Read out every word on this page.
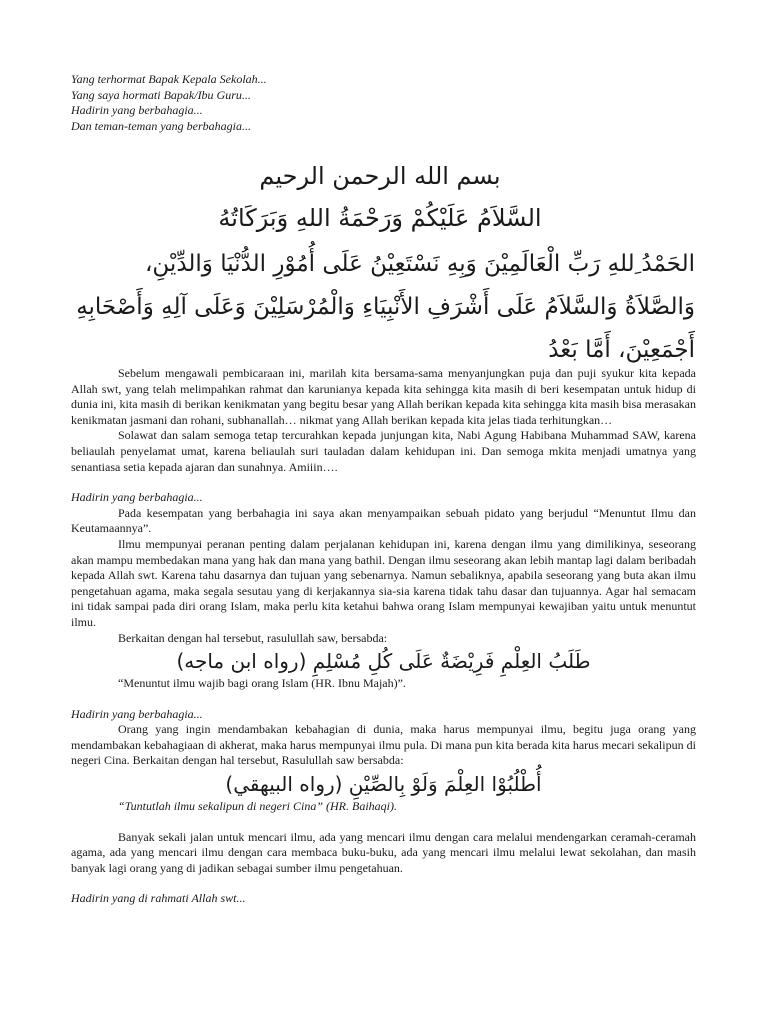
Yang terhormat Bapak Kepala Sekolah...
Yang saya hormati Bapak/Ibu Guru...
Hadirin yang berbahagia...
Dan teman-teman yang berbahagia...
بسم الله الرحمن الرحيم
السَّلاَمُ عَلَيْكُمْ وَرَحْمَةُ اللهِ وَبَرَكَاتُهُ
الحَمْدُ ِللهِ رَبِّ الْعَالَمِيْنَ وَبِهِ نَسْتَعِيْنُ عَلَى أُمُوْرِ الدُّنْيَا وَالدِّيْنِ، وَالصَّلاَةُ وَالسَّلاَمُ عَلَى أَشْرَفِ الأَنْبِيَاءِ وَالْمُرْسَلِيْنَ وَعَلَى آلِهِ وَأَصْحَابِهِ أَجْمَعِيْنَ، أَمَّا بَعْدُ

Sebelum mengawali pembicaraan ini, marilah kita bersama-sama menyanjungkan puja dan puji syukur kita kepada Allah swt, yang telah melimpahkan rahmat dan karunianya kepada kita sehingga kita masih di beri kesempatan untuk hidup di dunia ini, kita masih di berikan kenikmatan yang begitu besar yang Allah berikan kepada kita sehingga kita masih bisa merasakan kenikmatan jasmani dan rohani, subhanallah… nikmat yang Allah berikan kepada kita jelas tiada terhitungkan…

Solawat dan salam semoga tetap tercurahkan kepada junjungan kita, Nabi Agung Habibana Muhammad SAW, karena beliaulah penyelamat umat, karena beliaulah suri tauladan dalam kehidupan ini. Dan semoga mkita menjadi umatnya yang senantiasa setia kepada ajaran dan sunahnya. Amiiin….

Hadirin yang berbahagia...

Pada kesempatan yang berbahagia ini saya akan menyampaikan sebuah pidato yang berjudul “Menuntut Ilmu dan Keutamaannya”.

Ilmu mempunyai peranan penting dalam perjalanan kehidupan ini, karena dengan ilmu yang dimilikinya, seseorang akan mampu membedakan mana yang hak dan mana yang bathil. Dengan ilmu seseorang akan lebih mantap lagi dalam beribadah kepada Allah swt. Karena tahu dasarnya dan tujuan yang sebenarnya. Namun sebaliknya, apabila seseorang yang buta akan ilmu pengetahuan agama, maka segala sesutau yang di kerjakannya sia-sia karena tidak tahu dasar dan tujuannya. Agar hal semacam ini tidak sampai pada diri orang Islam, maka perlu kita ketahui bahwa orang Islam mempunyai kewajiban yaitu untuk menuntut ilmu.

Berkaitan dengan hal tersebut, rasulullah saw, bersabda:

طَلَبُ العِلْمِ فَرِيْضَةٌ عَلَى كُلِ مُسْلِمِ (رواه ابن ماجه)

“Menuntut ilmu wajib bagi orang Islam (HR. Ibnu Majah)”.

Hadirin yang berbahagia...

Orang yang ingin mendambakan kebahagian di dunia, maka harus mempunyai ilmu, begitu juga orang yang mendambakan kebahagiaan di akherat, maka harus mempunyai ilmu pula. Di mana pun kita berada kita harus mecari sekalipun di negeri Cina. Berkaitan dengan hal tersebut, Rasulullah saw bersabda:

أُطْلُبُوْا العِلْمَ وَلَوْ بِالصِّيْنِ (رواه البيهقي)

“Tuntutlah ilmu sekalipun di negeri Cina” (HR. Baihaqi).

Banyak sekali jalan untuk mencari ilmu, ada yang mencari ilmu dengan cara melalui mendengarkan ceramah-ceramah agama, ada yang mencari ilmu dengan cara membaca buku-buku, ada yang mencari ilmu melalui lewat sekolahan, dan masih banyak lagi orang yang di jadikan sebagai sumber ilmu pengetahuan.

Hadirin yang di rahmati Allah swt...
